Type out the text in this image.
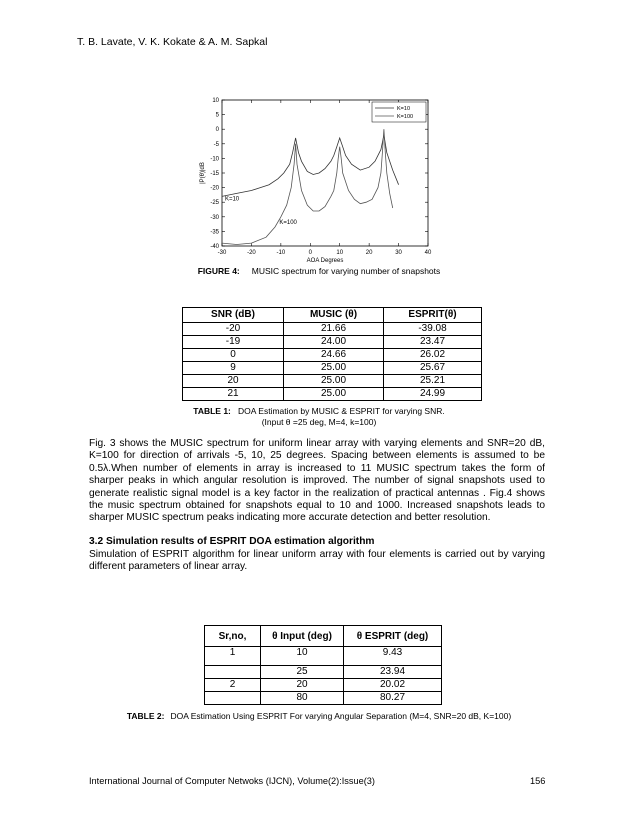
T. B. Lavate, V. K. Kokate & A. M. Sapkal
-30	-20	-10	0	10	20	30	40
10
5
0
-5
-10
-15
-20
-25
-30
-35
-40
AOA Degrees
|P(θ)|dB
K=10
K=100
K=10
K=100
FIGURE 4: MUSIC spectrum for varying number of snapshots
SNR (dB)	MUSIC (θ)	ESPRIT(θ)
-20	21.66	-39.08
-19	24.00	23.47
0	24.66	26.02
9	25.00	25.67
20	25.00	25.21
21	25.00	24.99
TABLE 1: DOA Estimation by MUSIC & ESPRIT for varying SNR.
(Input θ =25 deg, M=4, k=100)
Fig. 3 shows the MUSIC spectrum for uniform linear array with varying elements and SNR=20 dB, K=100 for direction of arrivals -5, 10, 25 degrees. Spacing between elements is assumed to be 0.5λ.When number of elements in array is increased to 11 MUSIC spectrum takes the form of sharper peaks in which angular resolution is improved. The number of signal snapshots used to generate realistic signal model is a key factor in the realization of practical antennas . Fig.4 shows the music spectrum obtained for snapshots equal to 10 and 1000. Increased snapshots leads to sharper MUSIC spectrum peaks indicating more accurate detection and better resolution.
3.2 Simulation results of ESPRIT DOA estimation algorithm
Simulation of ESPRIT algorithm for linear uniform array with four elements is carried out by varying different parameters of linear array.
Sr,no,	θ Input (deg)	θ ESPRIT (deg)
1	10	9.43
	25	23.94
2	20	20.02
	80	80.27
TABLE 2: DOA Estimation Using ESPRIT For varying Angular Separation (M=4, SNR=20 dB, K=100)
International Journal of Computer Netwoks (IJCN), Volume(2):Issue(3)	156
